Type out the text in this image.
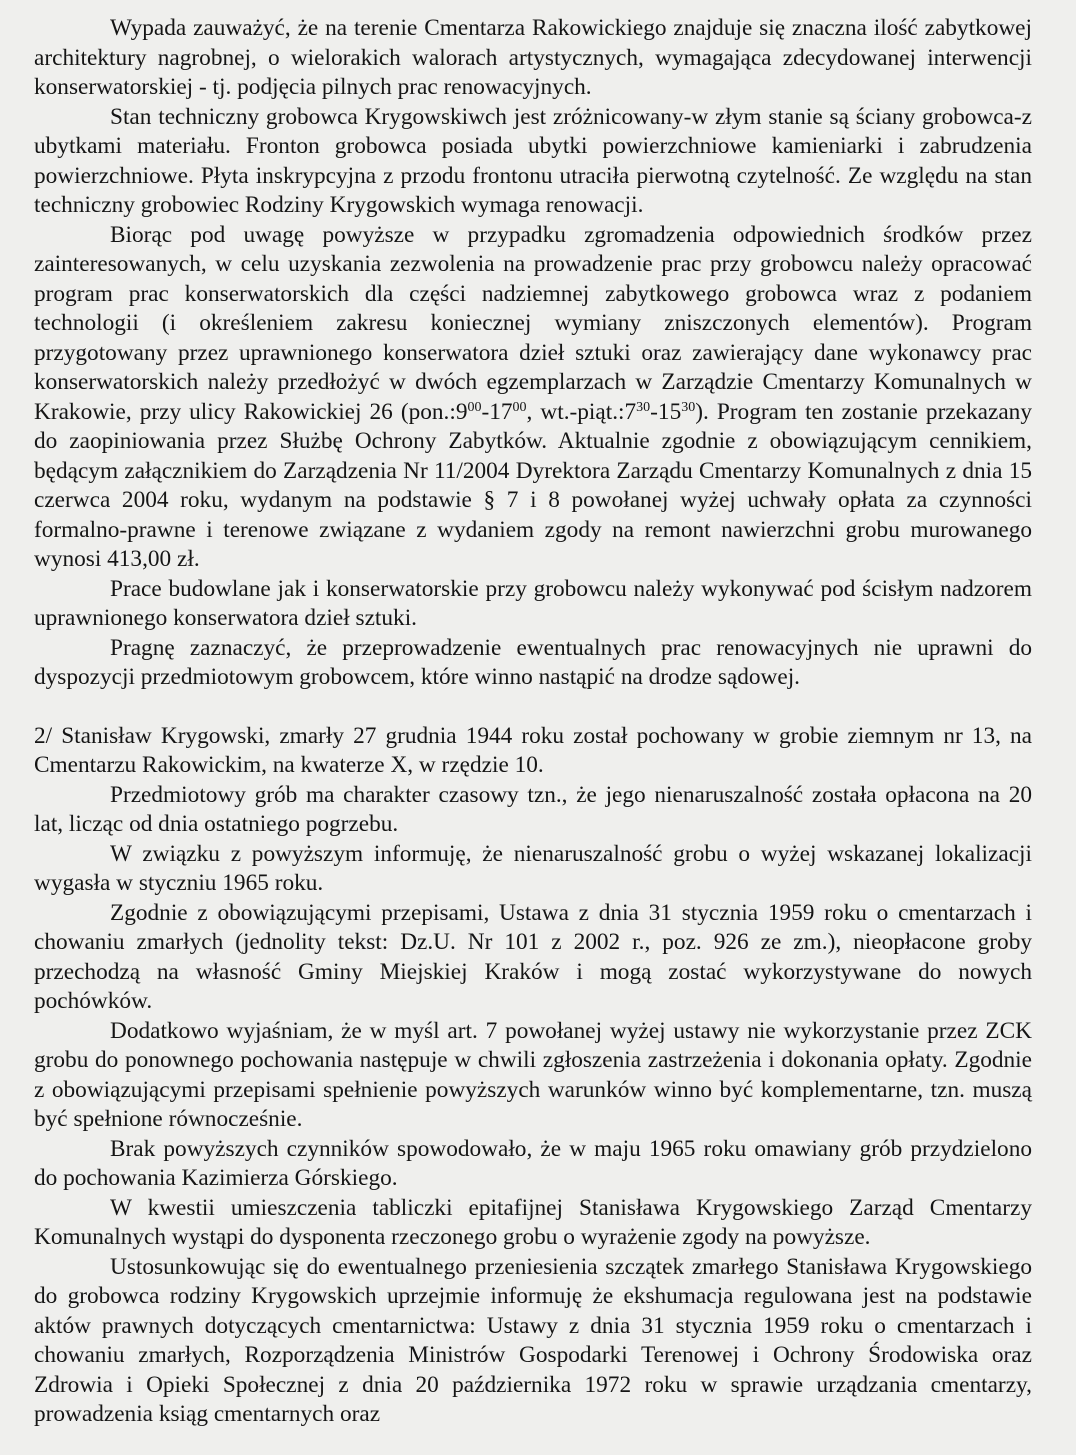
Wypada zauważyć, że na terenie Cmentarza Rakowickiego znajduje się znaczna ilość zabytkowej architektury nagrobnej, o wielorakich walorach artystycznych, wymagająca zdecydowanej interwencji konserwatorskiej - tj. podjęcia pilnych prac renowacyjnych.

Stan techniczny grobowca Krygowskiwch jest zróżnicowany-w złym stanie są ściany grobowca-z ubytkami materiału. Fronton grobowca posiada ubytki powierzchniowe kamieniarki i zabrudzenia powierzchniowe. Płyta inskrypcyjna z przodu frontonu utraciła pierwotną czytelność. Ze względu na stan techniczny grobowiec Rodziny Krygowskich wymaga renowacji.

Biorąc pod uwagę powyższe w przypadku zgromadzenia odpowiednich środków przez zainteresowanych, w celu uzyskania zezwolenia na prowadzenie prac przy grobowcu należy opracować program prac konserwatorskich dla części nadziemnej zabytkowego grobowca wraz z podaniem technologii (i określeniem zakresu koniecznej wymiany zniszczonych elementów). Program przygotowany przez uprawnionego konserwatora dzieł sztuki oraz zawierający dane wykonawcy prac konserwatorskich należy przedłożyć w dwóch egzemplarzach w Zarządzie Cmentarzy Komunalnych w Krakowie, przy ulicy Rakowickiej 26 ($pon.:9^{00}-17^{00}$, $wt.-piąt.:7^{30}-15^{30}$). Program ten zostanie przekazany do zaopiniowania przez Służbę Ochrony Zabytków. Aktualnie zgodnie z obowiązującym cennikiem, będącym załącznikiem do Zarządzenia Nr 11/2004 Dyrektora Zarządu Cmentarzy Komunalnych z dnia 15 czerwca 2004 roku, wydanym na podstawie § 7 i 8 powołanej wyżej uchwały opłata za czynności formalno-prawne i terenowe związane z wydaniem zgody na remont nawierzchni grobu murowanego wynosi 413,00 zł.

Prace budowlane jak i konserwatorskie przy grobowcu należy wykonywać pod ścisłym nadzorem uprawnionego konserwatora dzieł sztuki.

Pragnę zaznaczyć, że przeprowadzenie ewentualnych prac renowacyjnych nie uprawni do dyspozycji przedmiotowym grobowcem, które winno nastąpić na drodze sądowej.

2/ Stanisław Krygowski, zmarły 27 grudnia 1944 roku został pochowany w grobie ziemnym nr 13, na Cmentarzu Rakowickim, na kwaterze X, w rzędzie 10.

Przedmiotowy grób ma charakter czasowy tzn., że jego nienaruszalność została opłacona na 20 lat, licząc od dnia ostatniego pogrzebu.

W związku z powyższym informuję, że nienaruszalność grobu o wyżej wskazanej lokalizacji wygasła w styczniu 1965 roku.

Zgodnie z obowiązującymi przepisami, Ustawa z dnia 31 stycznia 1959 roku o cmentarzach i chowaniu zmarłych (jednolity tekst: Dz.U. Nr 101 z 2002 r., poz. 926 ze zm.), nieopłacone groby przechodzą na własność Gminy Miejskiej Kraków i mogą zostać wykorzystywane do nowych pochówków.

Dodatkowo wyjaśniam, że w myśl art. 7 powołanej wyżej ustawy nie wykorzystanie przez ZCK grobu do ponownego pochowania następuje w chwili zgłoszenia zastrzeżenia i dokonania opłaty. Zgodnie z obowiązującymi przepisami spełnienie powyższych warunków winno być komplementarne, tzn. muszą być spełnione równocześnie.

Brak powyższych czynników spowodowało, że w maju 1965 roku omawiany grób przydzielono do pochowania Kazimierza Górskiego.

W kwestii umieszczenia tabliczki epitafijnej Stanisława Krygowskiego Zarząd Cmentarzy Komunalnych wystąpi do dysponenta rzeczonego grobu o wyrażenie zgody na powyższe.

Ustosunkowując się do ewentualnego przeniesienia szczątek zmarłego Stanisława Krygowskiego do grobowca rodziny Krygowskich uprzejmie informuję że ekshumacja regulowana jest na podstawie aktów prawnych dotyczących cmentarnictwa: Ustawy z dnia 31 stycznia 1959 roku o cmentarzach i chowaniu zmarłych, Rozporządzenia Ministrów Gospodarki Terenowej i Ochrony Środowiska oraz Zdrowia i Opieki Społecznej z dnia 20 października 1972 roku w sprawie urządzania cmentarzy, prowadzenia ksiąg cmentarnych oraz
